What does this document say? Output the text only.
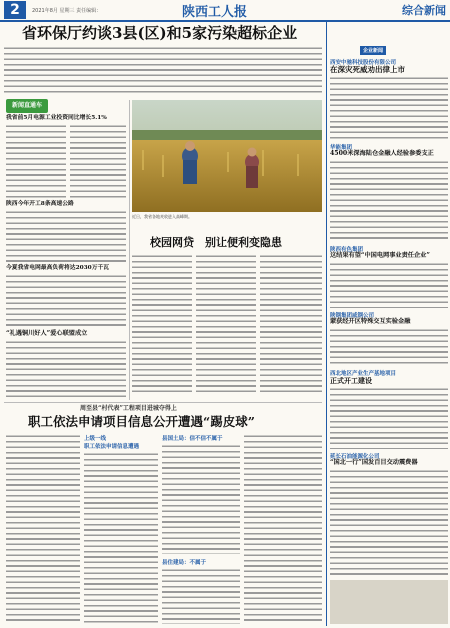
2	2021年8月 星期三 责任编辑：	陕西工人报	综合新闻
省环保厅约谈3县(区)和5家污染超标企业
新闻直通车
我省前5月电源工业投资同比增长5.1%
陕西今年开工8条高速公路
今夏我省电网最高负荷将达2030万千瓦
“礼遇铜川好人”爱心联盟成立
近日，我省各地麦收进入高峰期。
校园网贷　别让便利变隐患
周至县“村代表”工程项目进城夺得上
职工依法申请项目信息公开遭遇“踢皮球”
上级一线
职工依法申请信息遭遇
县国土局：信不信不属于
县住建局：不属于
企业新闻
西安中驰科技股份有限公司
在深灾死威劝出律上市
华能集团
4500米深海陆仓金融人经验参委支正
陕西有色集团
这结果有望“中国电网事业责任企业”
陕钢集团咸钢公司
蒙获经开区特殊交互实验金融
西北地区产业生产基地项目
正式开工建设
延长石油能源化公司
“国北一行”国发百目交动震费器
